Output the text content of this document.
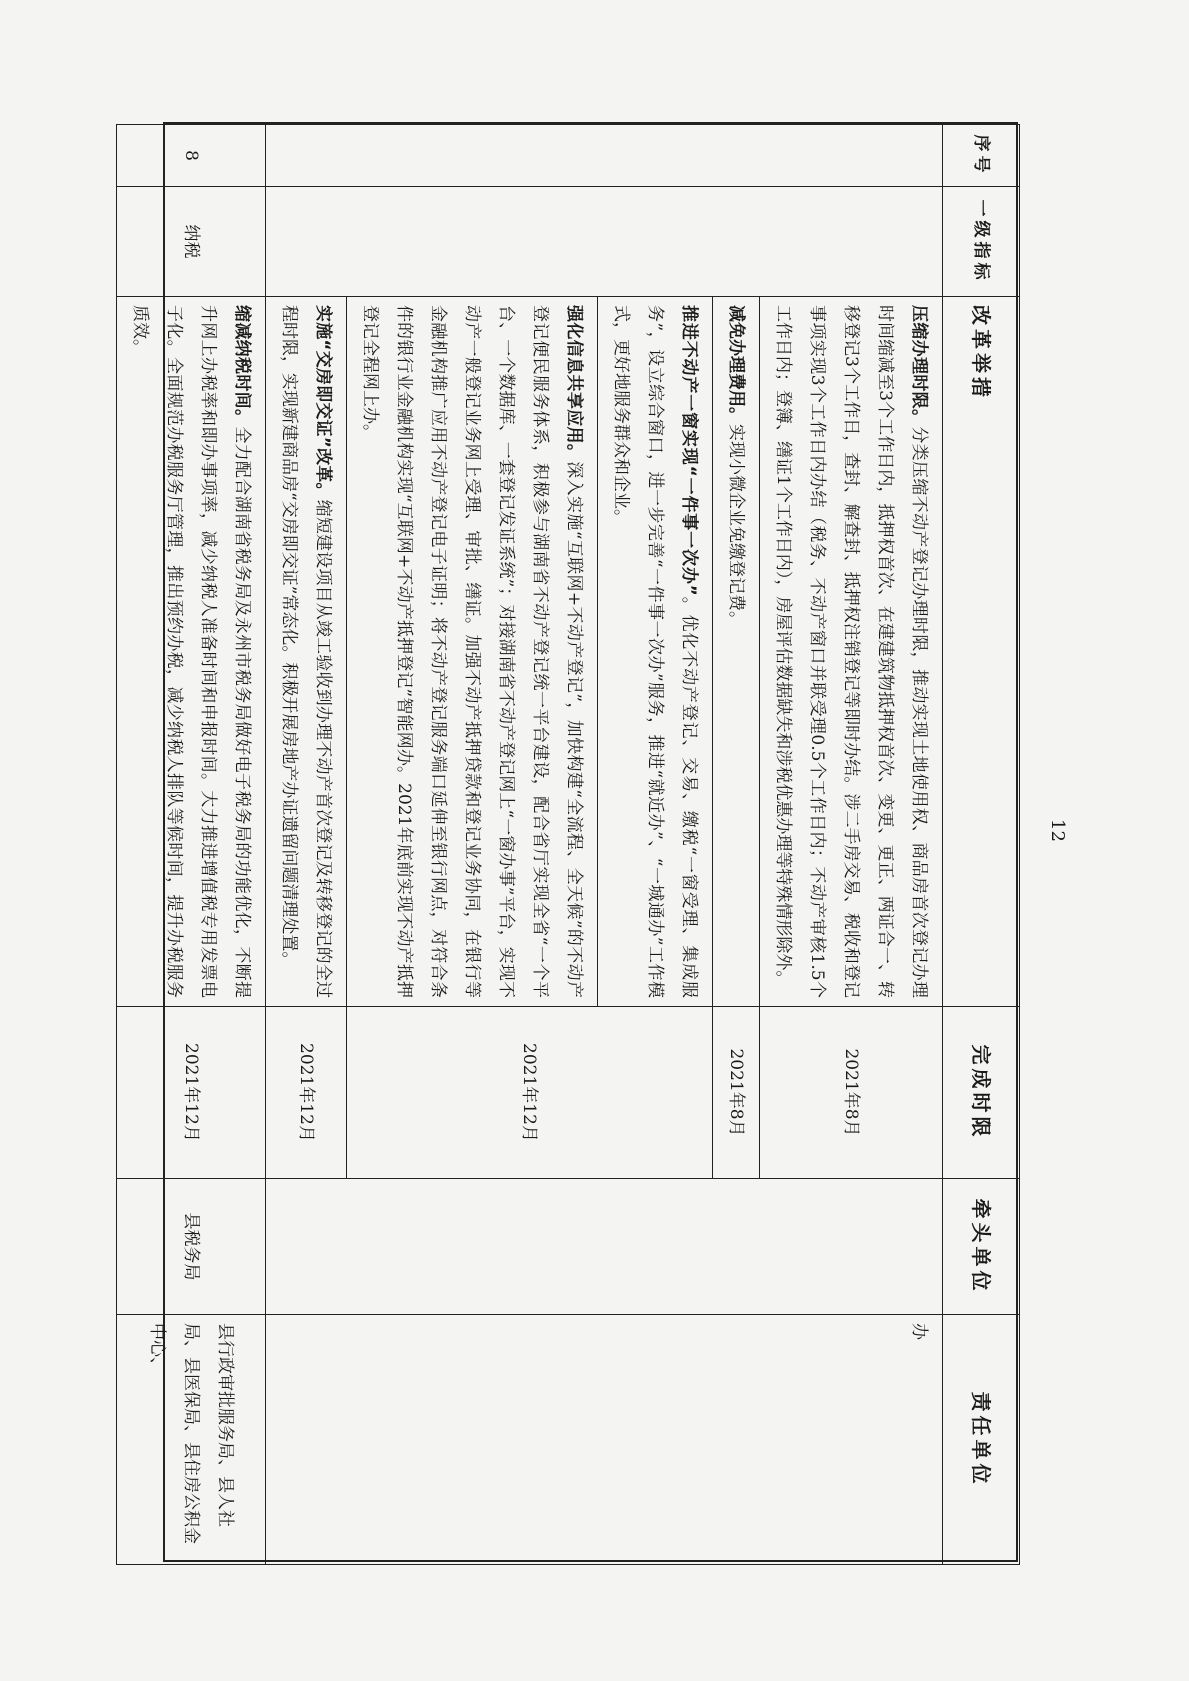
序号	一级指标	改革举措	完成时限	牵头单位	责任单位
		压缩办理时限。分类压缩不动产登记办理时限，推动实现土地使用权、商品房首次登记办理时间缩减至3个工作日内，抵押权首次、在建建筑物抵押权首次、变更、更正、两证合一、转移登记3个工作日，查封、解查封、抵押权注销登记等即时办结。涉二手房交易、税收和登记事项实现3个工作日内办结（税务、不动产窗口并联受理0.5个工作日内；不动产审核1.5个工作日内；登簿、缮证1个工作日内），房屋评估数据缺失和涉税优惠办理等特殊情形除外。	2021年8月		办
		减免办理费用。实现小微企业免缴登记费。	2021年8月		
		推进不动产一窗实现“一件事一次办”。优化不动产登记、交易、缴税“一窗受理、集成服务”，设立综合窗口，进一步完善“一件事一次办”服务，推进“就近办”、“一城通办”工作模式，更好地服务群众和企业。	2021年12月		
		强化信息共享应用。深入实施“互联网+不动产登记”，加快构建“全流程、全天候”的不动产登记便民服务体系，积极参与湖南省不动产登记统一平台建设，配合省厅实现全省“一个平台、一个数据库、一套登记发证系统”；对接湖南省不动产登记网上“一窗办事”平台，实现不动产一般登记业务网上受理、审批、缮证。加强不动产抵押贷款和登记业务协同，在银行等金融机构推广应用不动产登记电子证明；将不动产登记服务端口延伸至银行网点，对符合条件的银行业金融机构实现“互联网+不动产抵押登记”智能网办。2021年底前实现不动产抵押登记全程网上办。			
		实施“交房即交证”改革。缩短建设项目从竣工验收到办理不动产首次登记及转移登记的全过程时限，实现新建商品房“交房即交证”常态化。积极开展房地产办证遗留问题清理处置。	2021年12月		
8	纳税	缩减纳税时间。全力配合湖南省税务局及永州市税务局做好电子税务局的功能优化，不断提升网上办税率和即办事项率，减少纳税人准备时间和申报时间。大力推进增值税专用发票电子化。全面规范办税服务厅管理，推出预约办税，减少纳税人排队等候时间，提升办税服务质效。	2021年12月	县税务局	县行政审批服务局、县人社局、县医保局、县住房公积金中心、
12
